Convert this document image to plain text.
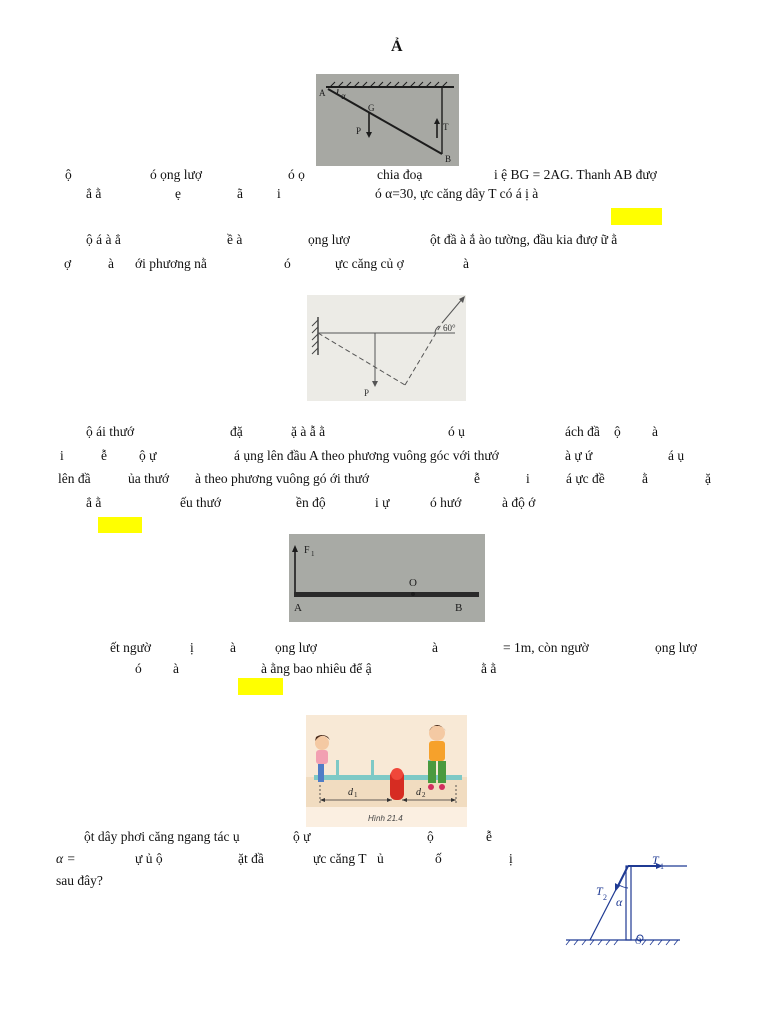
Ả
A α
G
P	T
B
ộ	ó ọng lượ	ó ọ	chia đoạ	i ệ BG = 2AG. Thanh AB đượ
ẳ ằ	ẹ	ã	i	ó α=30, ực căng dây T có á ị à
ộ á à ẳ	ề à	ọng lượ	ột đầ à ắ ào tường, đầu kia đượ ữ ằ
ợ	à ới phương nằ	ó	ực căng củ ợ	à
60°
P
ộ ái thướ	đặ	ặ à ẫ ằ	ó ụ	ách đầ ộ à
i	ễ ộ ự	á ụng lên đầu A theo phương vuông góc với thướ	à ự ứ	á ụ
lên đầ	ủa thướ à theo phương vuông gó ới thướ	ễ	i	á ực đề	ằ	ặ
ẳ ằ	ếu thướ	ền độ	i ự	ó hướ	à độ ớ
F 1
O
A	B
ết ngườ	ị	à	ọng lượ	à	= 1m, còn ngườ	ọng lượ
ó à	à ằng bao nhiêu để ậ	ằ ằ
d 1	d 2
Hình 21.4
ột dây phơi căng ngang tác ụ	ộ ự	ộ	ễ
α =	ự ủ ộ	ặt đầ	ực căng T ủ	ố	ị
sau đây?
T 1
T 2 α
O
